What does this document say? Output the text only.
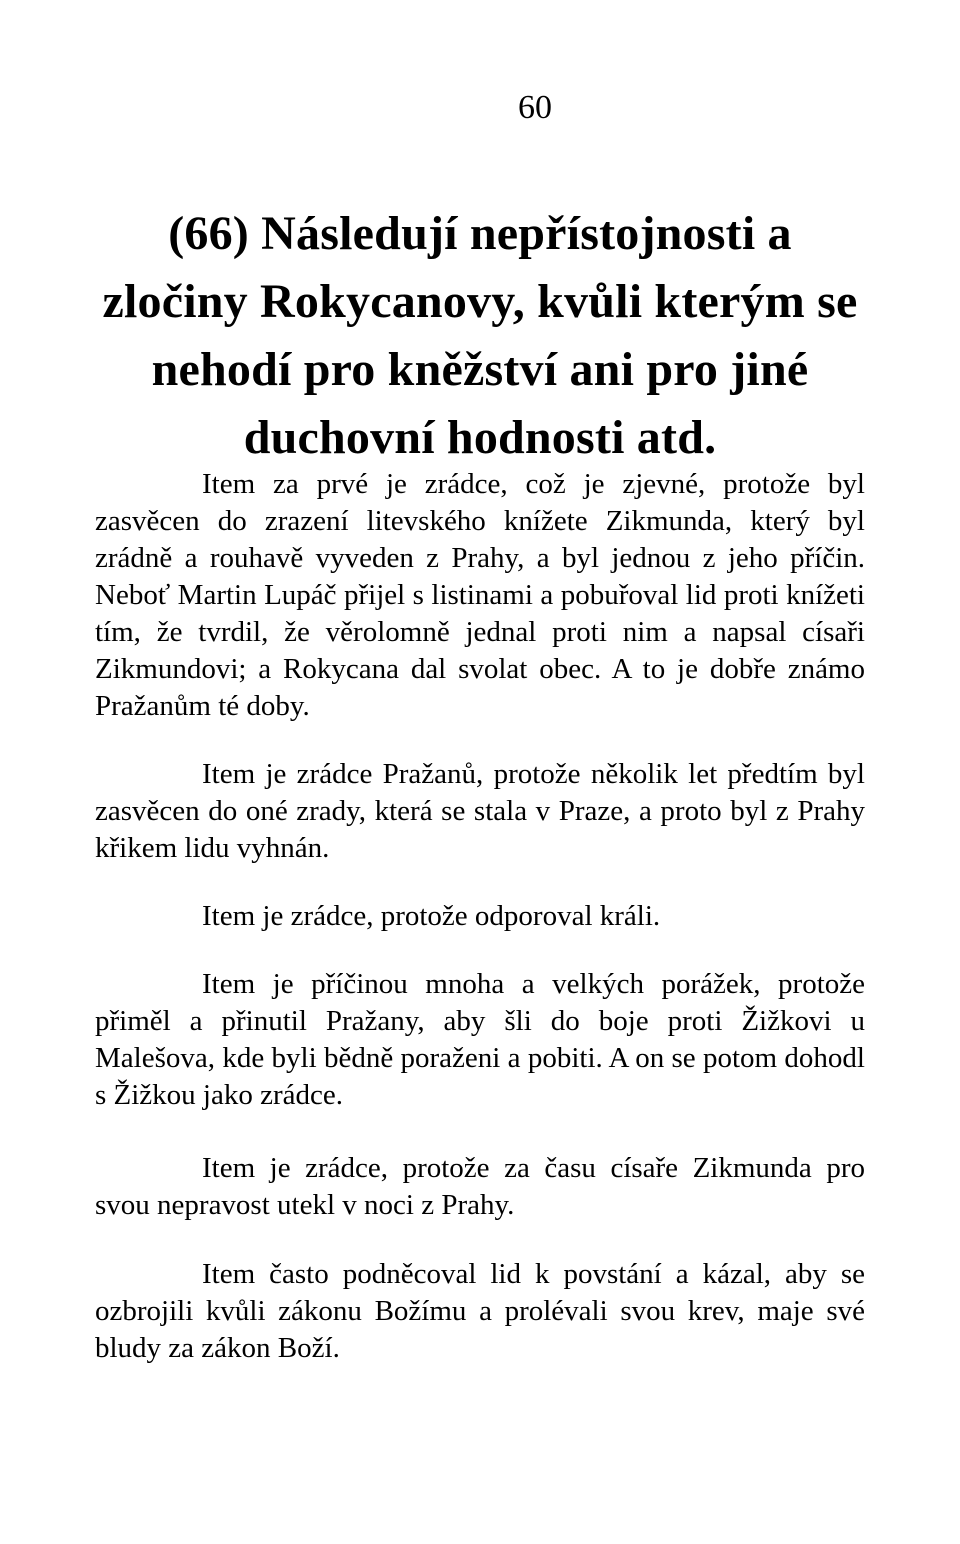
60
(66) Následují nepřístojnosti a zločiny Rokycanovy, kvůli kterým se nehodí pro kněžství ani pro jiné duchovní hodnosti atd.

Item za prvé je zrádce, což je zjevné, protože byl zasvěcen do zrazení litevského knížete Zikmunda, který byl zrádně a rouhavě vyveden z Prahy, a byl jednou z jeho příčin. Neboť Martin Lupáč přijel s listinami a pobuřoval lid proti knížeti tím, že tvrdil, že věrolomně jednal proti nim a napsal císaři Zikmundovi; a Rokycana dal svolat obec. A to je dobře známo Pražanům té doby.

Item je zrádce Pražanů, protože několik let předtím byl zasvěcen do oné zrady, která se stala v Praze, a proto byl z Prahy křikem lidu vyhnán.

Item je zrádce, protože odporoval králi.

Item je příčinou mnoha a velkých porážek, protože přiměl a přinutil Pražany, aby šli do boje proti Žižkovi u Malešova, kde byli bědně poraženi a pobiti. A on se potom dohodl s Žižkou jako zrádce.

Item je zrádce, protože za času císaře Zikmunda pro svou nepravost utekl v noci z Prahy.

Item často podněcoval lid k povstání a kázal, aby se ozbrojili kvůli zákonu Božímu a prolévali svou krev, maje své bludy za zákon Boží.
